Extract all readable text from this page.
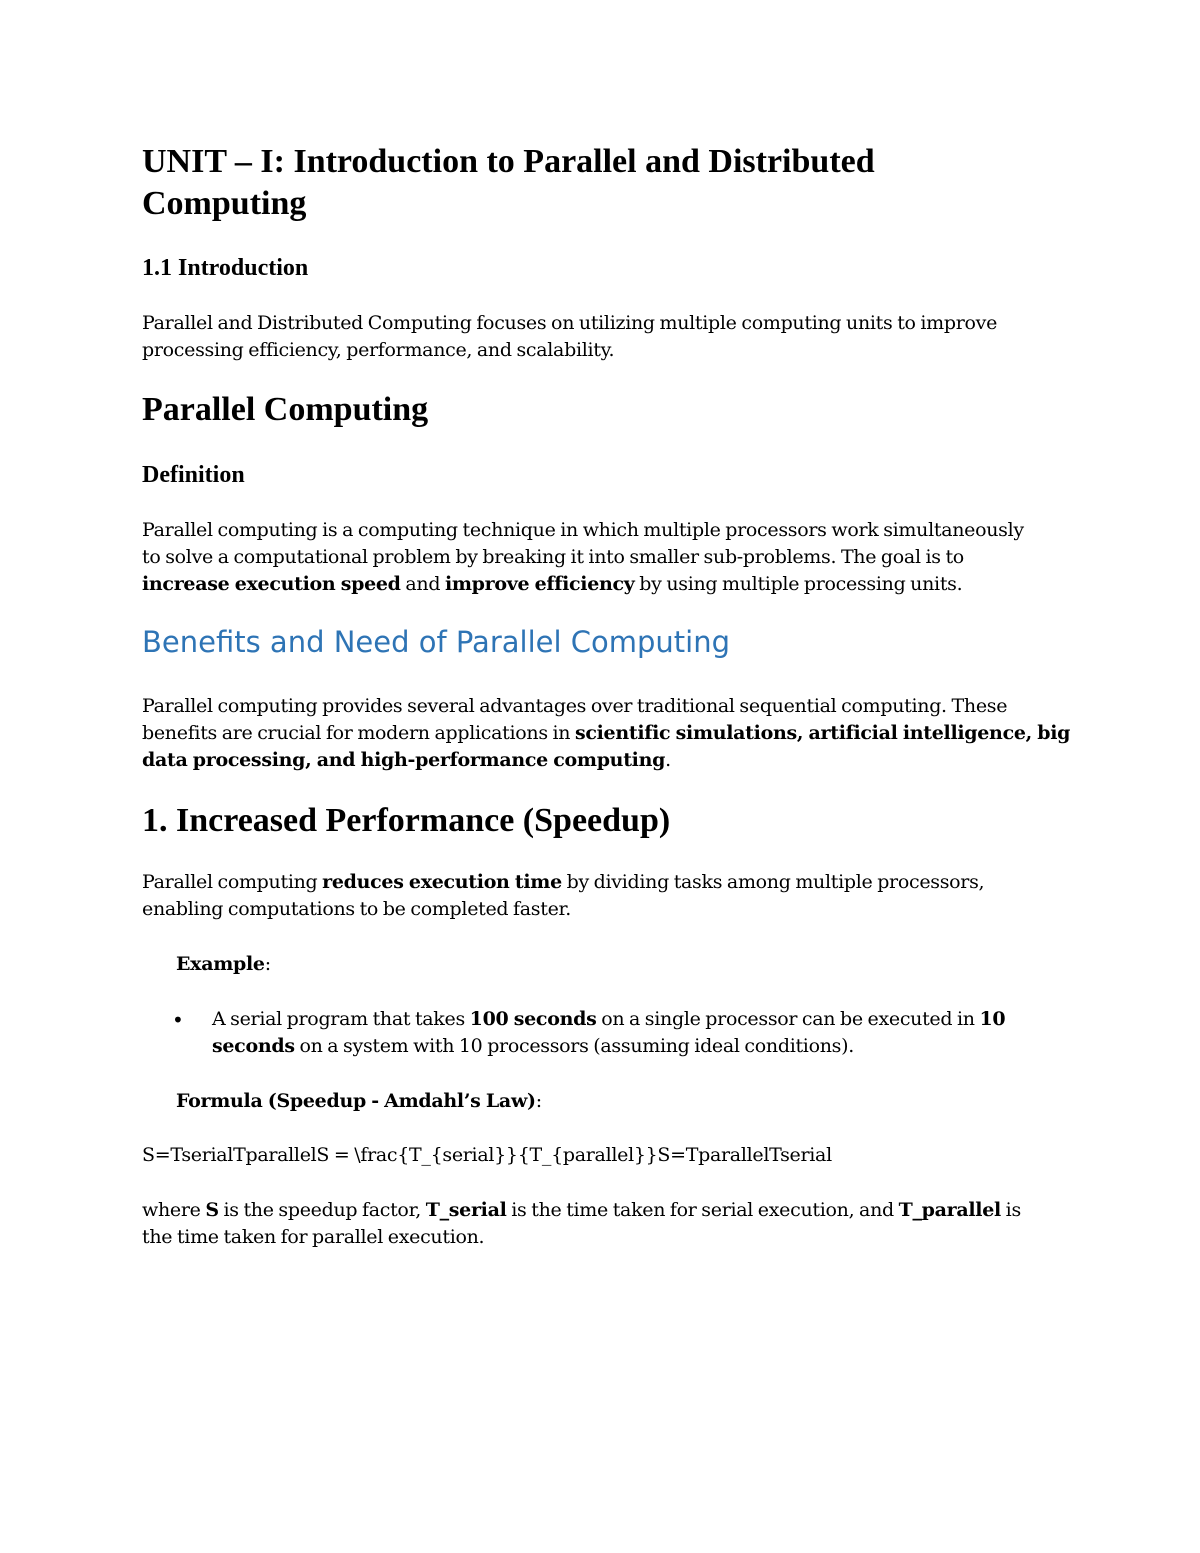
UNIT – I: Introduction to Parallel and Distributed
Computing
1.1 Introduction

Parallel and Distributed Computing focuses on utilizing multiple computing units to improve
processing efficiency, performance, and scalability.

Parallel Computing
Definition

Parallel computing is a computing technique in which multiple processors work simultaneously
to solve a computational problem by breaking it into smaller sub-problems. The goal is to
increase execution speed and improve efficiency by using multiple processing units.

Benefits and Need of Parallel Computing

Parallel computing provides several advantages over traditional sequential computing. These
benefits are crucial for modern applications in scientific simulations, artificial intelligence, big
data processing, and high-performance computing.

1. Increased Performance (Speedup)

Parallel computing reduces execution time by dividing tasks among multiple processors,
enabling computations to be completed faster.

Example:

• A serial program that takes 100 seconds on a single processor can be executed in 10
seconds on a system with 10 processors (assuming ideal conditions).

Formula (Speedup - Amdahl’s Law):

S=TserialTparallelS = \frac{T_{serial}}{T_{parallel}}S=TparallelTserial

where S is the speedup factor, T_serial is the time taken for serial execution, and T_parallel is
the time taken for parallel execution.
